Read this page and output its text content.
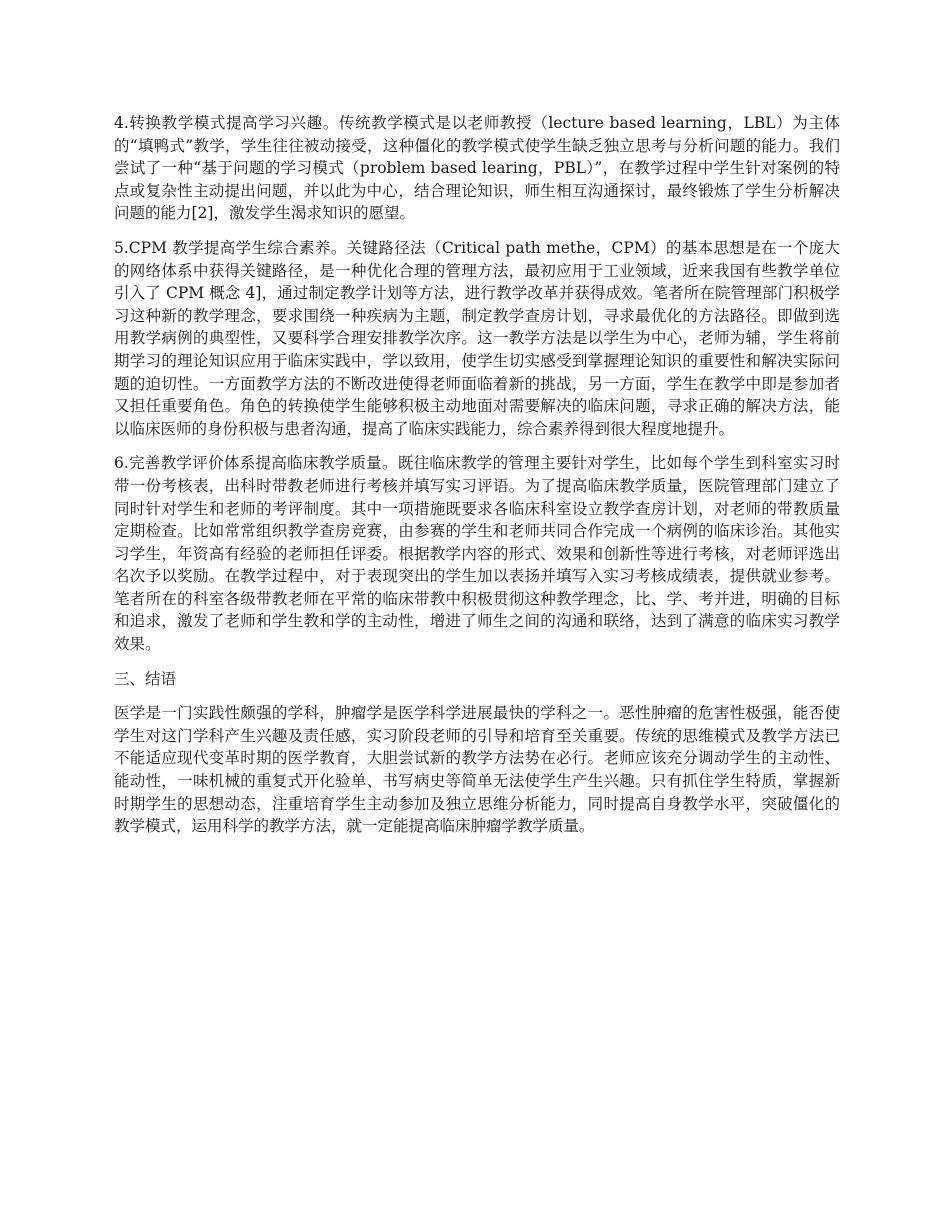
4.转换教学模式提高学习兴趣。传统教学模式是以老师教授（lecture based learning，LBL）为主体的“填鸭式”教学，学生往往被动接受，这种僵化的教学模式使学生缺乏独立思考与分析问题的能力。我们尝试了一种“基于问题的学习模式（problem based learing，PBL）”，在教学过程中学生针对案例的特点或复杂性主动提出问题，并以此为中心，结合理论知识，师生相互沟通探讨，最终锻炼了学生分析解决问题的能力[2]，激发学生渴求知识的愿望。

5.CPM 教学提高学生综合素养。关键路径法（Critical path methe，CPM）的基本思想是在一个庞大的网络体系中获得关键路径，是一种优化合理的管理方法，最初应用于工业领域，近来我国有些教学单位引入了 CPM 概念 4]，通过制定教学计划等方法，进行教学改革并获得成效。笔者所在院管理部门积极学习这种新的教学理念，要求围绕一种疾病为主题，制定教学查房计划，寻求最优化的方法路径。即做到选用教学病例的典型性，又要科学合理安排教学次序。这一教学方法是以学生为中心，老师为辅，学生将前期学习的理论知识应用于临床实践中，学以致用，使学生切实感受到掌握理论知识的重要性和解决实际问题的迫切性。一方面教学方法的不断改进使得老师面临着新的挑战，另一方面，学生在教学中即是参加者又担任重要角色。角色的转换使学生能够积极主动地面对需要解决的临床问题，寻求正确的解决方法，能以临床医师的身份积极与患者沟通，提高了临床实践能力，综合素养得到很大程度地提升。

6.完善教学评价体系提高临床教学质量。既往临床教学的管理主要针对学生，比如每个学生到科室实习时带一份考核表，出科时带教老师进行考核并填写实习评语。为了提高临床教学质量，医院管理部门建立了同时针对学生和老师的考评制度。其中一项措施既要求各临床科室设立教学查房计划，对老师的带教质量定期检查。比如常常组织教学查房竞赛，由参赛的学生和老师共同合作完成一个病例的临床诊治。其他实习学生，年资高有经验的老师担任评委。根据教学内容的形式、效果和创新性等进行考核，对老师评选出名次予以奖励。在教学过程中，对于表现突出的学生加以表扬并填写入实习考核成绩表，提供就业参考。笔者所在的科室各级带教老师在平常的临床带教中积极贯彻这种教学理念，比、学、考并进，明确的目标和追求，激发了老师和学生教和学的主动性，增进了师生之间的沟通和联络，达到了满意的临床实习教学效果。

三、结语

医学是一门实践性颇强的学科，肿瘤学是医学科学进展最快的学科之一。恶性肿瘤的危害性极强，能否使学生对这门学科产生兴趣及责任感，实习阶段老师的引导和培育至关重要。传统的思维模式及教学方法已不能适应现代变革时期的医学教育，大胆尝试新的教学方法势在必行。老师应该充分调动学生的主动性、能动性，一味机械的重复式开化验单、书写病史等简单无法使学生产生兴趣。只有抓住学生特质，掌握新时期学生的思想动态，注重培育学生主动参加及独立思维分析能力，同时提高自身教学水平，突破僵化的教学模式，运用科学的教学方法，就一定能提高临床肿瘤学教学质量。
